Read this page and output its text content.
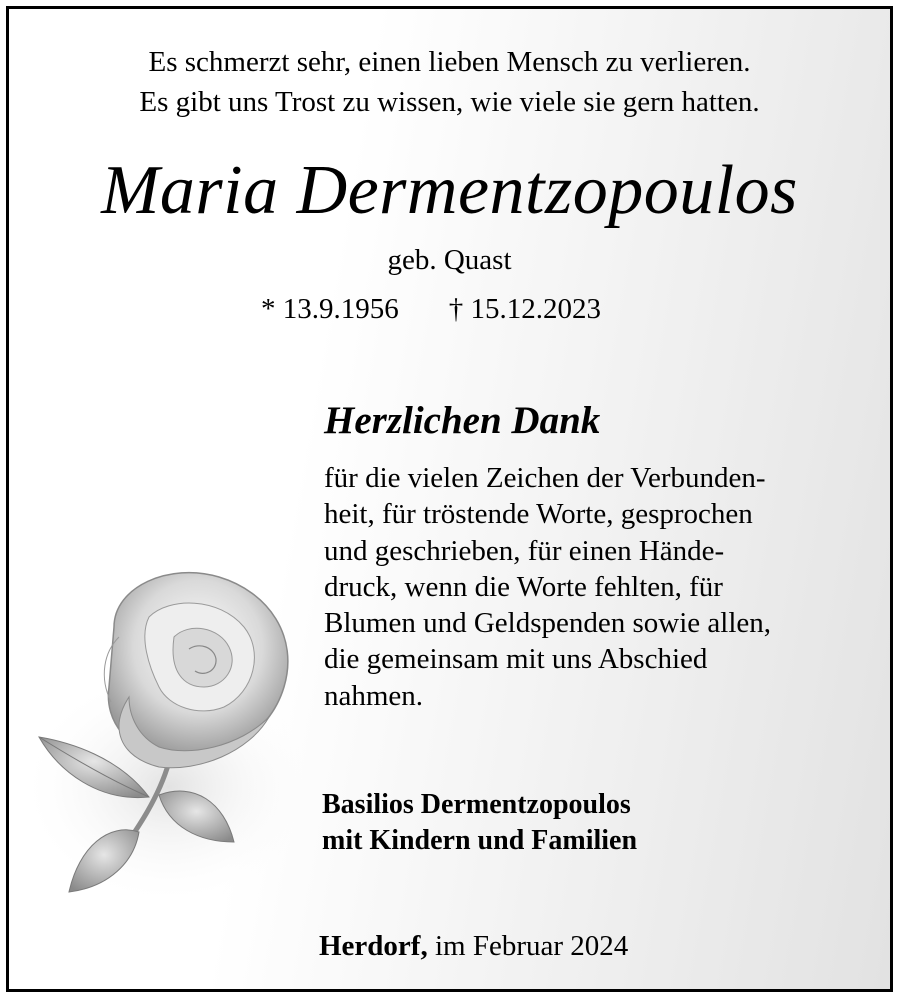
Es schmerzt sehr, einen lieben Mensch zu verlieren.
Es gibt uns Trost zu wissen, wie viele sie gern hatten.
Maria Dermentzopoulos
geb. Quast
* 13.9.1956 † 15.12.2023
Herzlichen Dank
für die vielen Zeichen der Verbunden-
heit, für tröstende Worte, gesprochen
und geschrieben, für einen Hände-
druck, wenn die Worte fehlten, für
Blumen und Geldspenden sowie allen,
die gemeinsam mit uns Abschied
nahmen.
Basilios Dermentzopoulos
mit Kindern und Familien
Herdorf, im Februar 2024
